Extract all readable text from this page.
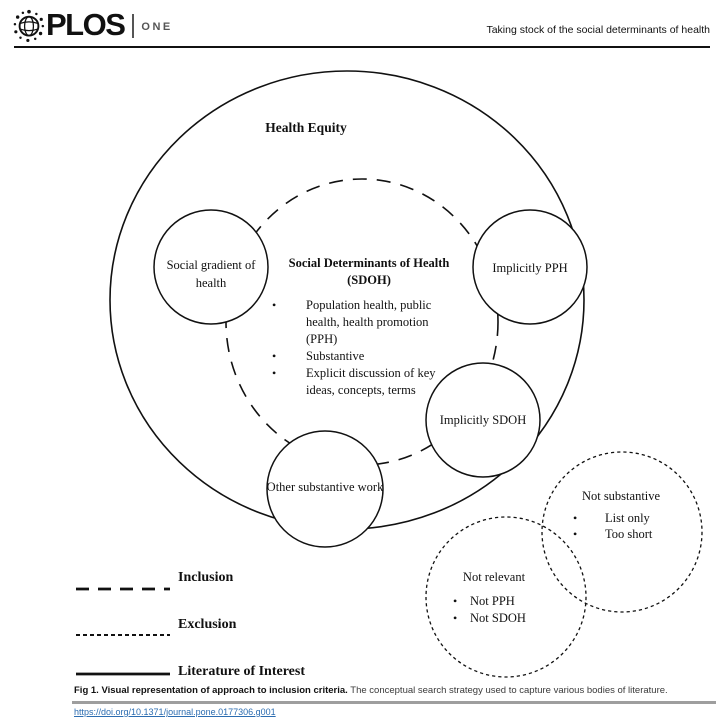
PLOS ONE	Taking stock of the social determinants of health
Health Equity
Social gradient of health
Implicitly PPH
Implicitly SDOH
Other substantive work
Social Determinants of Health
(SDOH)
• Population health, public health, health promotion (PPH)
• Substantive
• Explicit discussion of key ideas, concepts, terms
Not substantive
• List only
• Too short
Not relevant
• Not PPH
• Not SDOH
Inclusion
Exclusion
Literature of Interest
Fig 1. Visual representation of approach to inclusion criteria. The conceptual search strategy used to capture various bodies of literature.
https://doi.org/10.1371/journal.pone.0177306.g001
